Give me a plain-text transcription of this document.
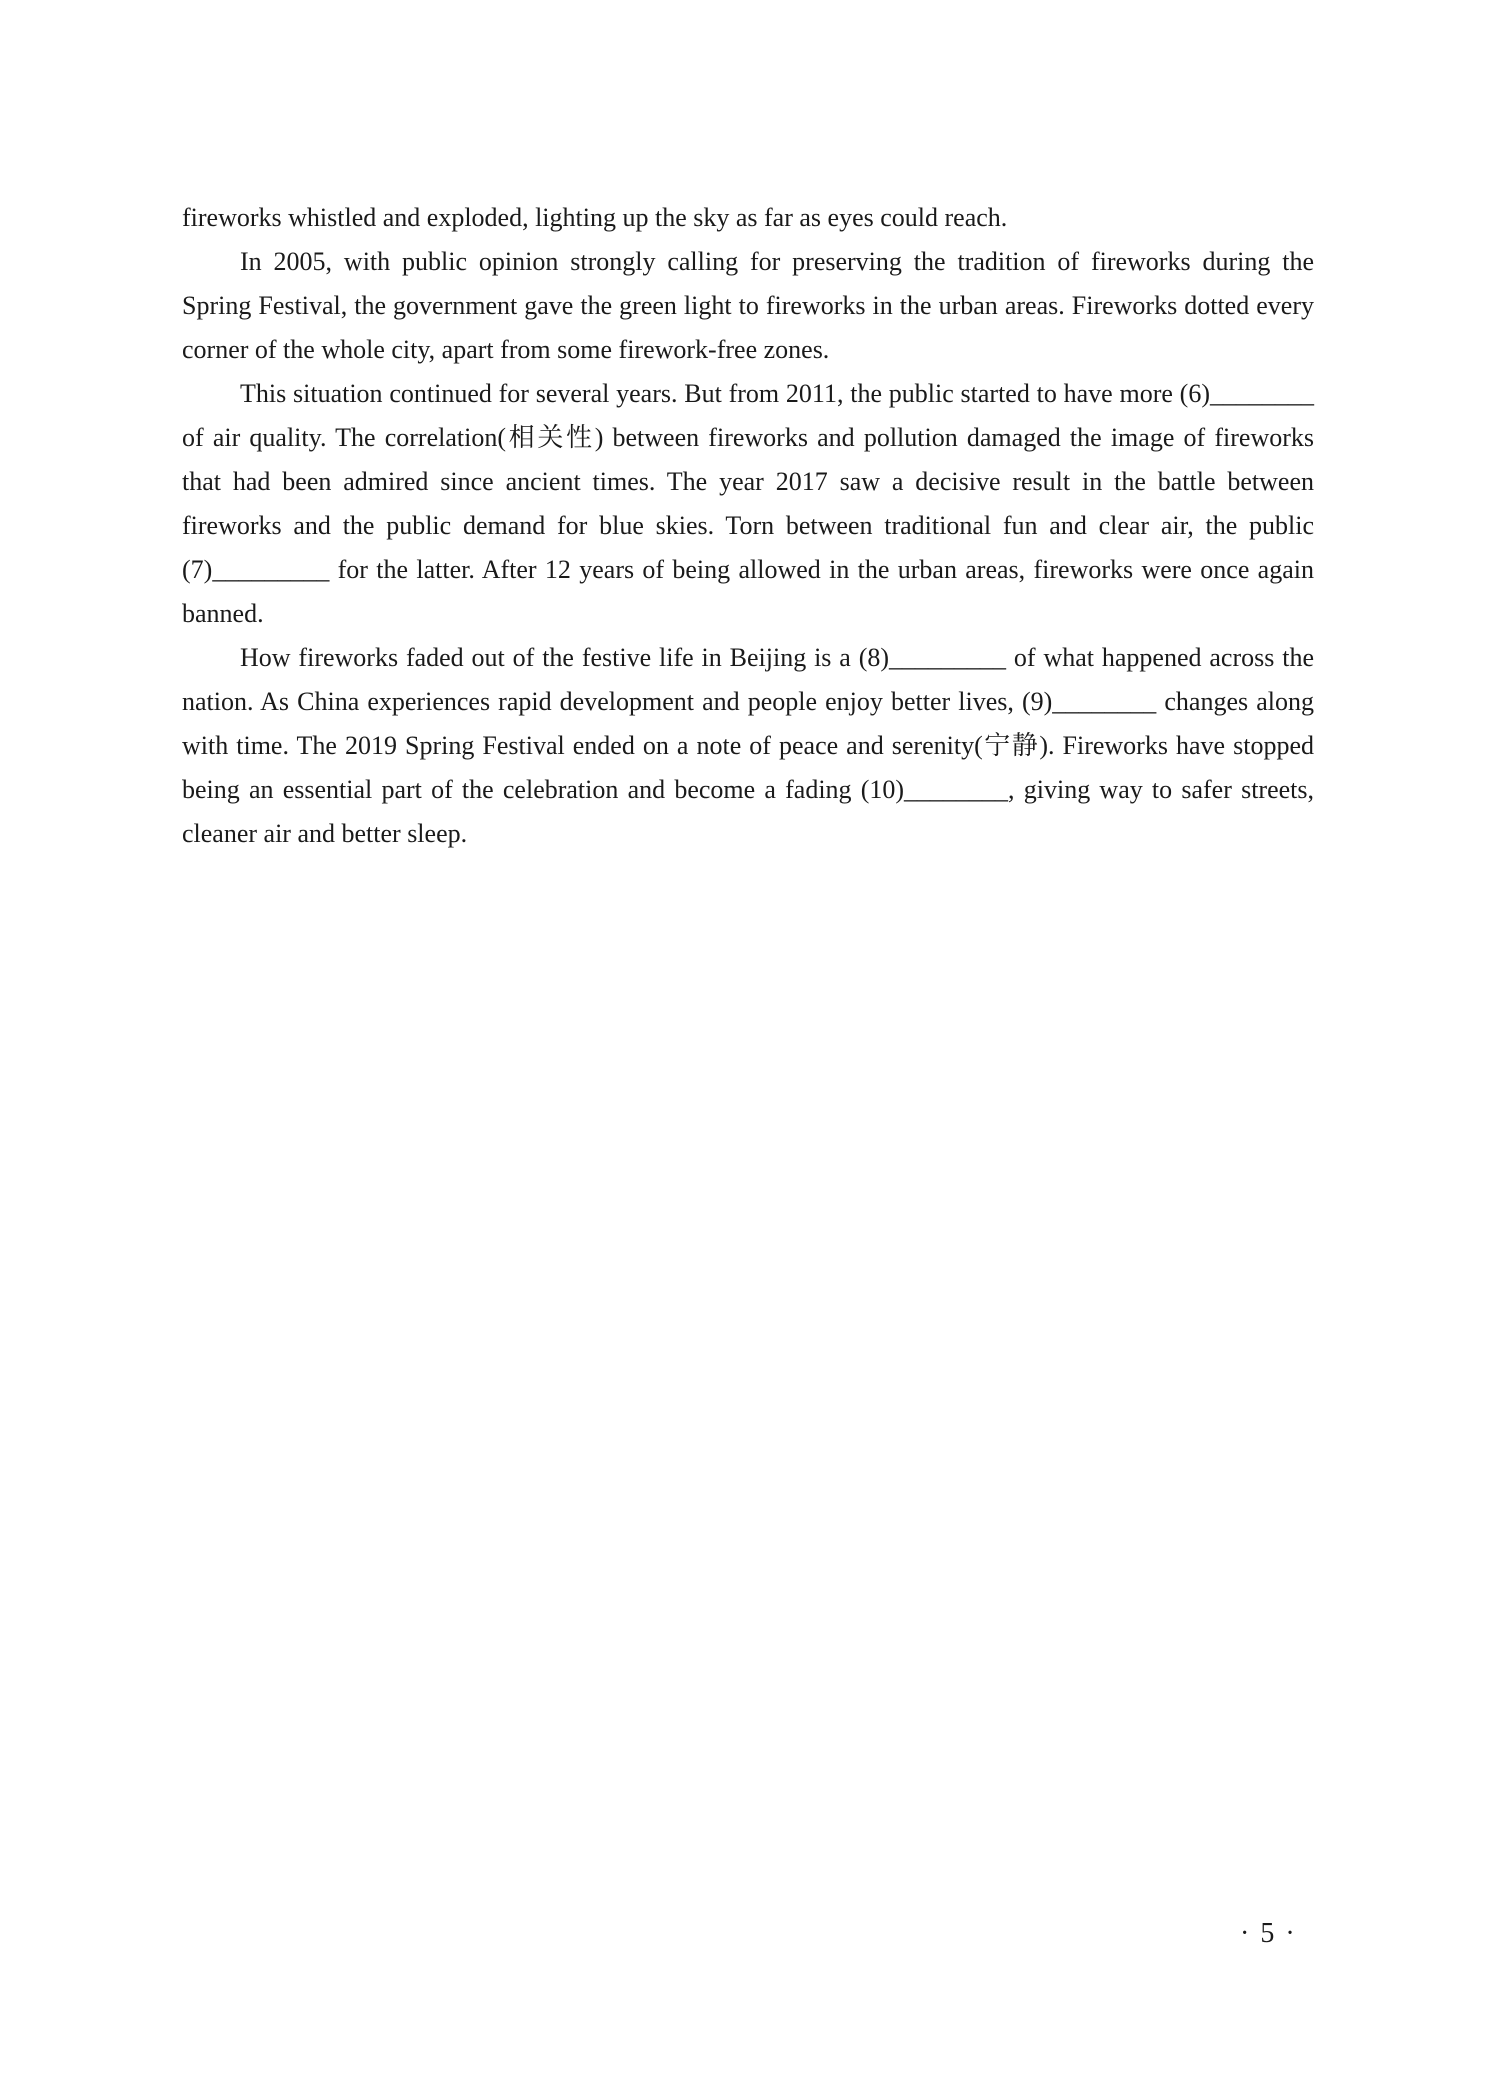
fireworks whistled and exploded, lighting up the sky as far as eyes could reach.

In 2005, with public opinion strongly calling for preserving the tradition of fireworks during the Spring Festival, the government gave the green light to fireworks in the urban areas. Fireworks dotted every corner of the whole city, apart from some firework-free zones.

This situation continued for several years. But from 2011, the public started to have more (6)________ of air quality. The correlation(相关性) between fireworks and pollution damaged the image of fireworks that had been admired since ancient times. The year 2017 saw a decisive result in the battle between fireworks and the public demand for blue skies. Torn between traditional fun and clear air, the public (7)_________ for the latter. After 12 years of being allowed in the urban areas, fireworks were once again banned.

How fireworks faded out of the festive life in Beijing is a (8)_________ of what happened across the nation. As China experiences rapid development and people enjoy better lives, (9)________ changes along with time. The 2019 Spring Festival ended on a note of peace and serenity(宁静). Fireworks have stopped being an essential part of the celebration and become a fading (10)________, giving way to safer streets, cleaner air and better sleep.

· 5 ·
